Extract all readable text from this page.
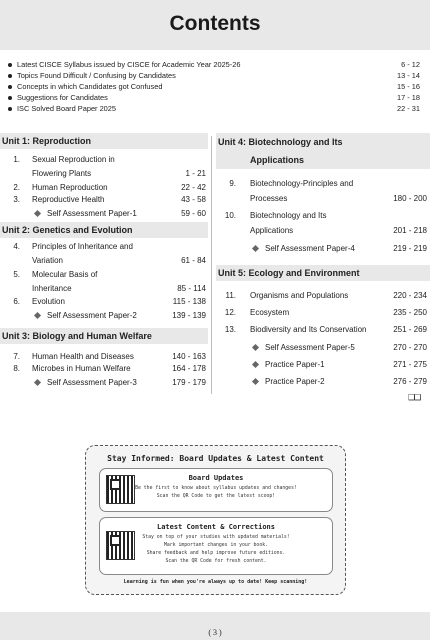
Contents
Latest CISCE Syllabus issued by CISCE for Academic Year 2025-26	6 - 12
Topics Found Difficult / Confusing by Candidates	13 - 14
Concepts in which Candidates got Confused	15 - 16
Suggestions for Candidates	17 - 18
ISC Solved Board Paper 2025	22 - 31
Unit 1: Reproduction
1. Sexual Reproduction in
Flowering Plants	1 - 21
2. Human Reproduction	22 - 42
3. Reproductive Health	43 - 58
Self Assessment Paper-1	59 - 60
Unit 2: Genetics and Evolution
4. Principles of Inheritance and
Variation	61 - 84
5. Molecular Basis of
Inheritance	85 - 114
6. Evolution	115 - 138
Self Assessment Paper-2	139 - 139
Unit 3: Biology and Human Welfare
7. Human Health and Diseases	140 - 163
8. Microbes in Human Welfare	164 - 178
Self Assessment Paper-3	179 - 179
Unit 4: Biotechnology and Its
Applications
9. Biotechnology-Principles and
Processes	180 - 200
10. Biotechnology and Its
Applications	201 - 218
Self Assessment Paper-4	219 - 219
Unit 5: Ecology and Environment
11. Organisms and Populations	220 - 234
12. Ecosystem	235 - 250
13. Biodiversity and Its Conservation	251 - 269
Self Assessment Paper-5	270 - 270
Practice Paper-1	271 - 275
Practice Paper-2	276 - 279
❑❑
Stay Informed: Board Updates & Latest Content
Board Updates
Be the first to know about syllabus updates and changes!
Scan the QR Code to get the latest scoop!
Latest Content & Corrections
Stay on top of your studies with updated materials!
Mark important changes in your book.
Share feedback and help improve future editions.
Scan the QR Code for fresh content.
Learning is fun when you're always up to date! Keep scanning!
( 3 )
